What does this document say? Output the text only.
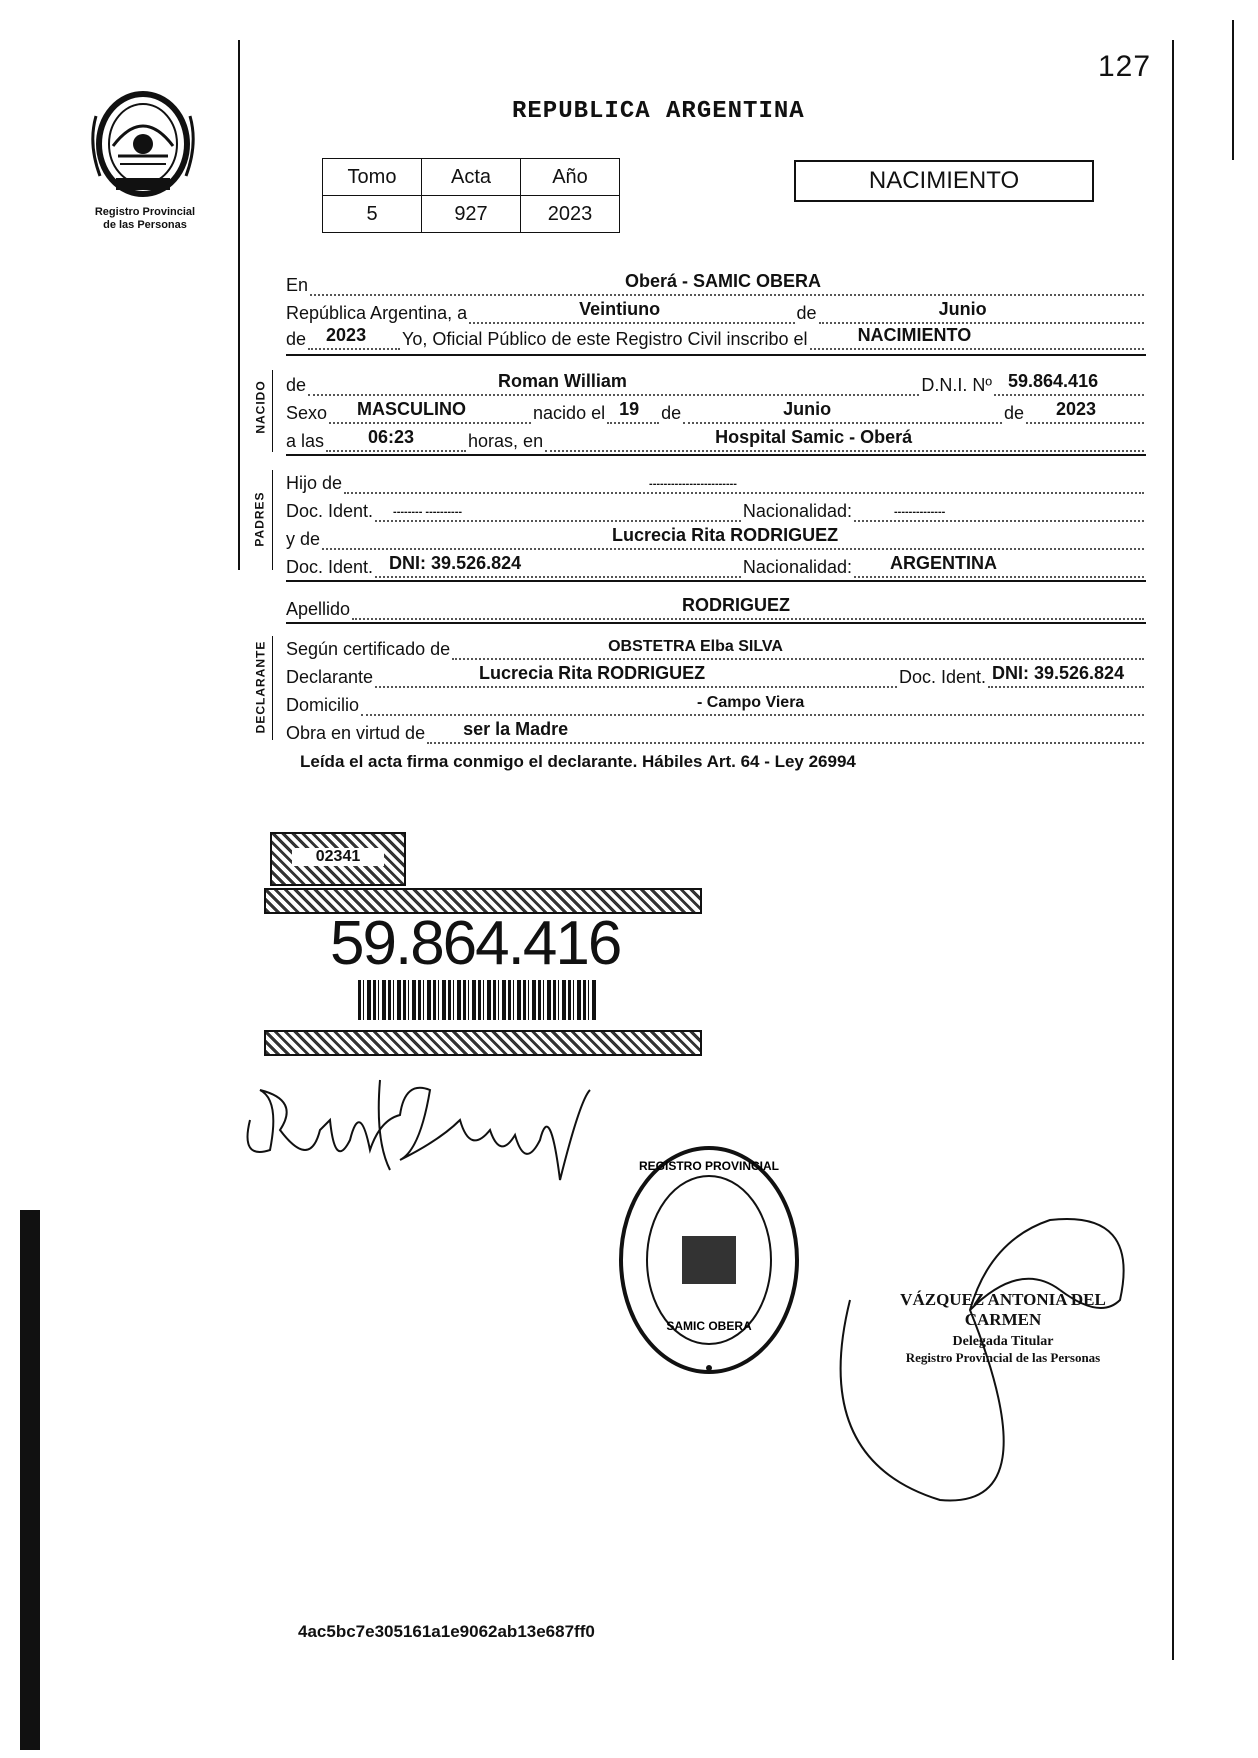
127
Registro Provincial
de las Personas
REPUBLICA ARGENTINA
Tomo	Acta	Año
5	927	2023
NACIMIENTO
En	Oberá - SAMIC OBERA
República Argentina, a	Veintiuno	de	Junio
de 2023 Yo, Oficial Público de este Registro Civil inscribo el	NACIMIENTO
NACIDO de	Roman William	D.N.I. Nº 59.864.416
Sexo MASCULINO	nacido el 19 de	Junio	de 2023
a las 06:23	horas, en	Hospital Samic - Oberá
PADRES
Hijo de	------------------------
Doc. Ident. -------- ----------	Nacionalidad:	--------------
y de	Lucrecia Rita RODRIGUEZ
Doc. Ident. DNI: 39.526.824	Nacionalidad: ARGENTINA
Apellido	RODRIGUEZ
DECLARANTE Según certificado de	OBSTETRA Elba SILVA
Declarante	Lucrecia Rita RODRIGUEZ	Doc. Ident. DNI: 39.526.824
Domicilio	- Campo Viera
Obra en virtud de ser la Madre
Leída el acta firma conmigo el declarante. Hábiles Art. 64 - Ley 26994
02341
59.864.416
REGISTRO PROVINCIAL
SAMIC OBERA
VÁZQUEZ ANTONIA DEL CARMEN
Delegada Titular
Registro Provincial de las Personas
4ac5bc7e305161a1e9062ab13e687ff0
